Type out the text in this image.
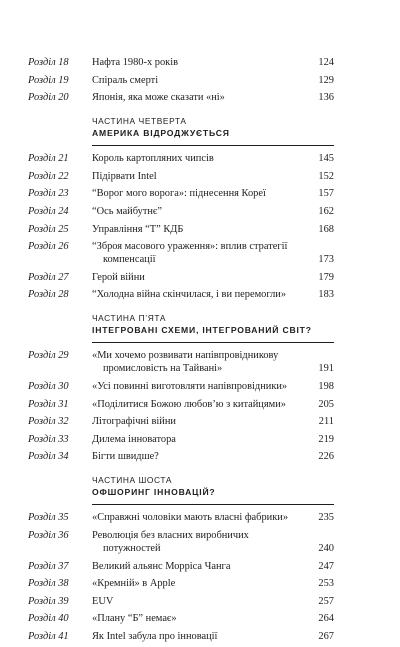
Розділ 18	Нафта 1980-х років	124
Розділ 19	Спіраль смерті	129
Розділ 20	Японія, яка може сказати «ні»	136
ЧАСТИНА ЧЕТВЕРТА
АМЕРИКА ВІДРОДЖУЄТЬСЯ
Розділ 21	Король картопляних чипсів	145
Розділ 22	Підірвати Intel	152
Розділ 23	“Ворог мого ворога»: піднесення Кореї	157
Розділ 24	“Ось майбутнє”	162
Розділ 25	Управління “Т” КДБ	168
Розділ 26	“Зброя масового ураження»: вплив стратегії
компенсації	173
Розділ 27	Герой війни	179
Розділ 28	“Холодна війна скінчилася, і ви перемогли»	183
ЧАСТИНА П’ЯТА
ІНТЕГРОВАНІ СХЕМИ, ІНТЕГРОВАНИЙ СВІТ?
Розділ 29	«Ми хочемо розвивати напівпровідникову
промисловість на Тайвані»	191
Розділ 30	«Усі повинні виготовляти напівпровідники»	198
Розділ 31	«Поділитися Божою любов’ю з китайцями»	205
Розділ 32	Літографічні війни	211
Розділ 33	Дилема інноватора	219
Розділ 34	Бігти швидше?	226
ЧАСТИНА ШОСТА
ОФШОРИНГ ІННОВАЦІЙ?
Розділ 35	«Справжні чоловіки мають власні фабрики»	235
Розділ 36	Революція без власних виробничих
потужностей	240
Розділ 37	Великий альянс Морріса Чанга	247
Розділ 38	«Кремній» в Apple	253
Розділ 39	EUV	257
Розділ 40	«Плану “Б” немає»	264
Розділ 41	Як Intel забула про інновації	267
